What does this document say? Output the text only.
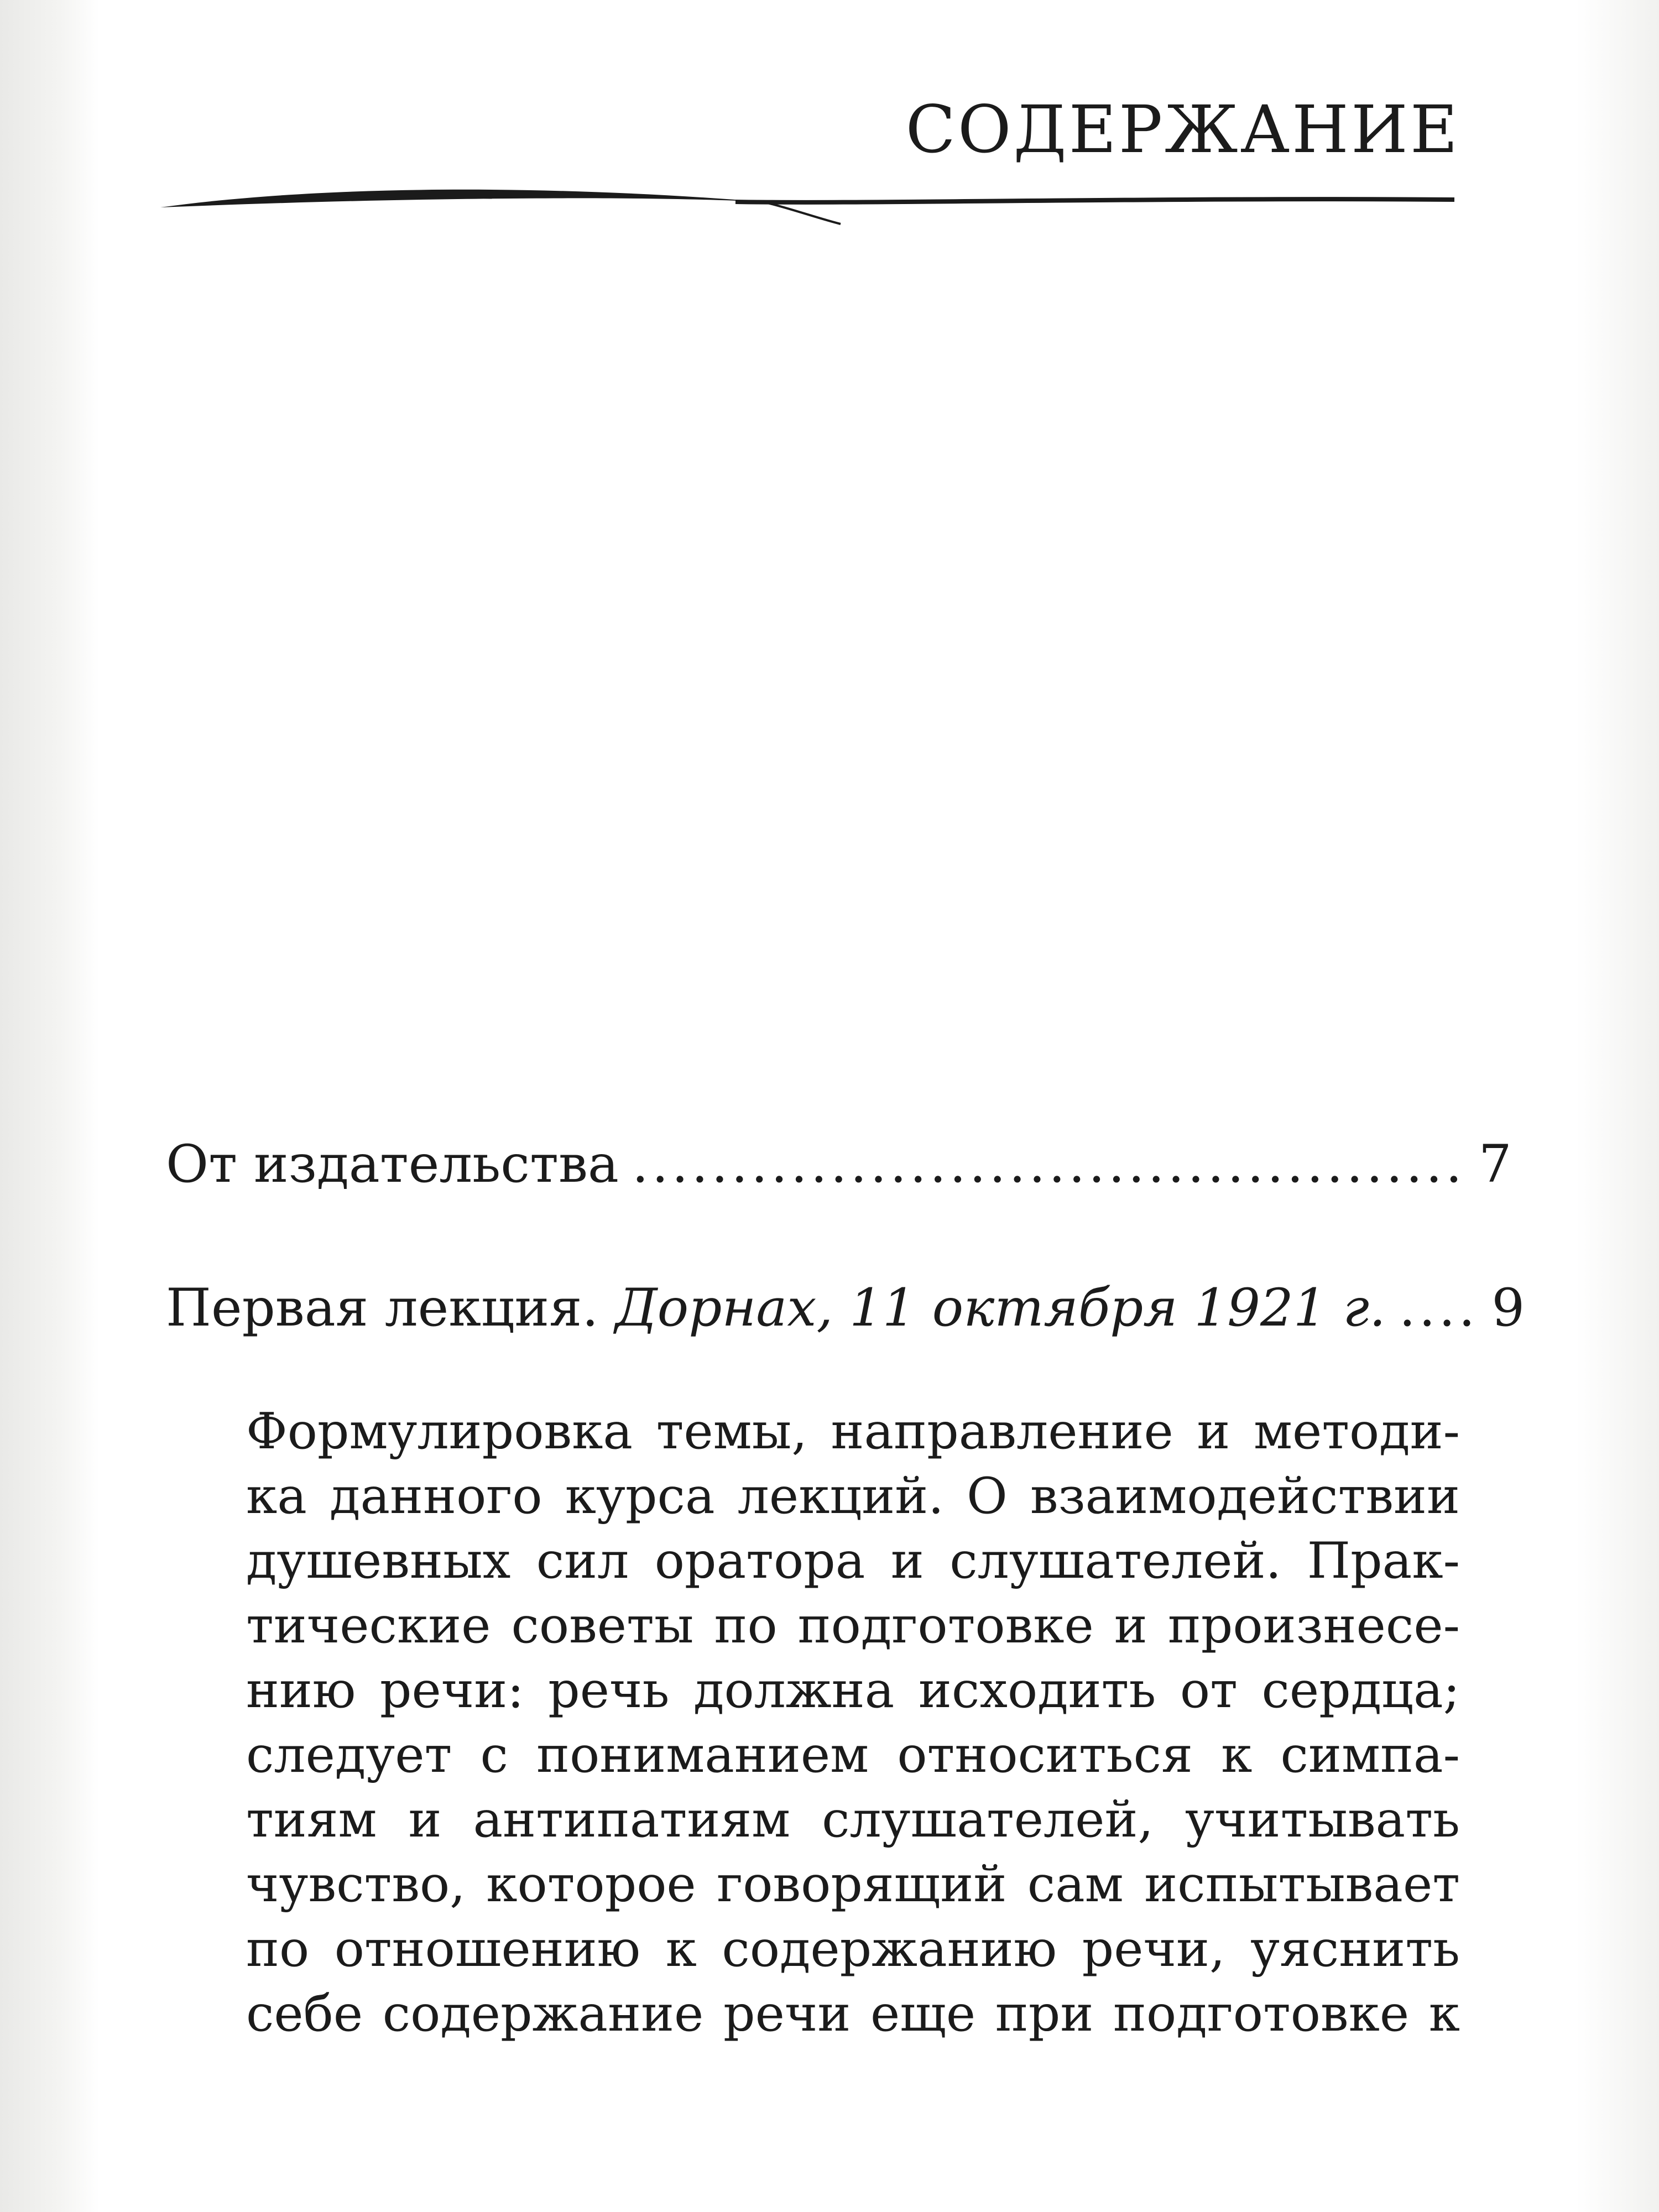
СОДЕРЖАНИЕ
От издательства .......................................... 7
Первая лекция. Дорнах, 11 октября 1921 г. .... 9
Формулировка темы, направление и методи-
ка данного курса лекций. О взаимодействии
душевных сил оратора и слушателей. Прак-
тические советы по подготовке и произнесе-
нию речи: речь должна исходить от сердца;
следует с пониманием относиться к симпа-
тиям и антипатиям слушателей, учитывать
чувство, которое говорящий сам испытывает
по отношению к содержанию речи, уяснить
себе содержание речи еще при подготовке к
